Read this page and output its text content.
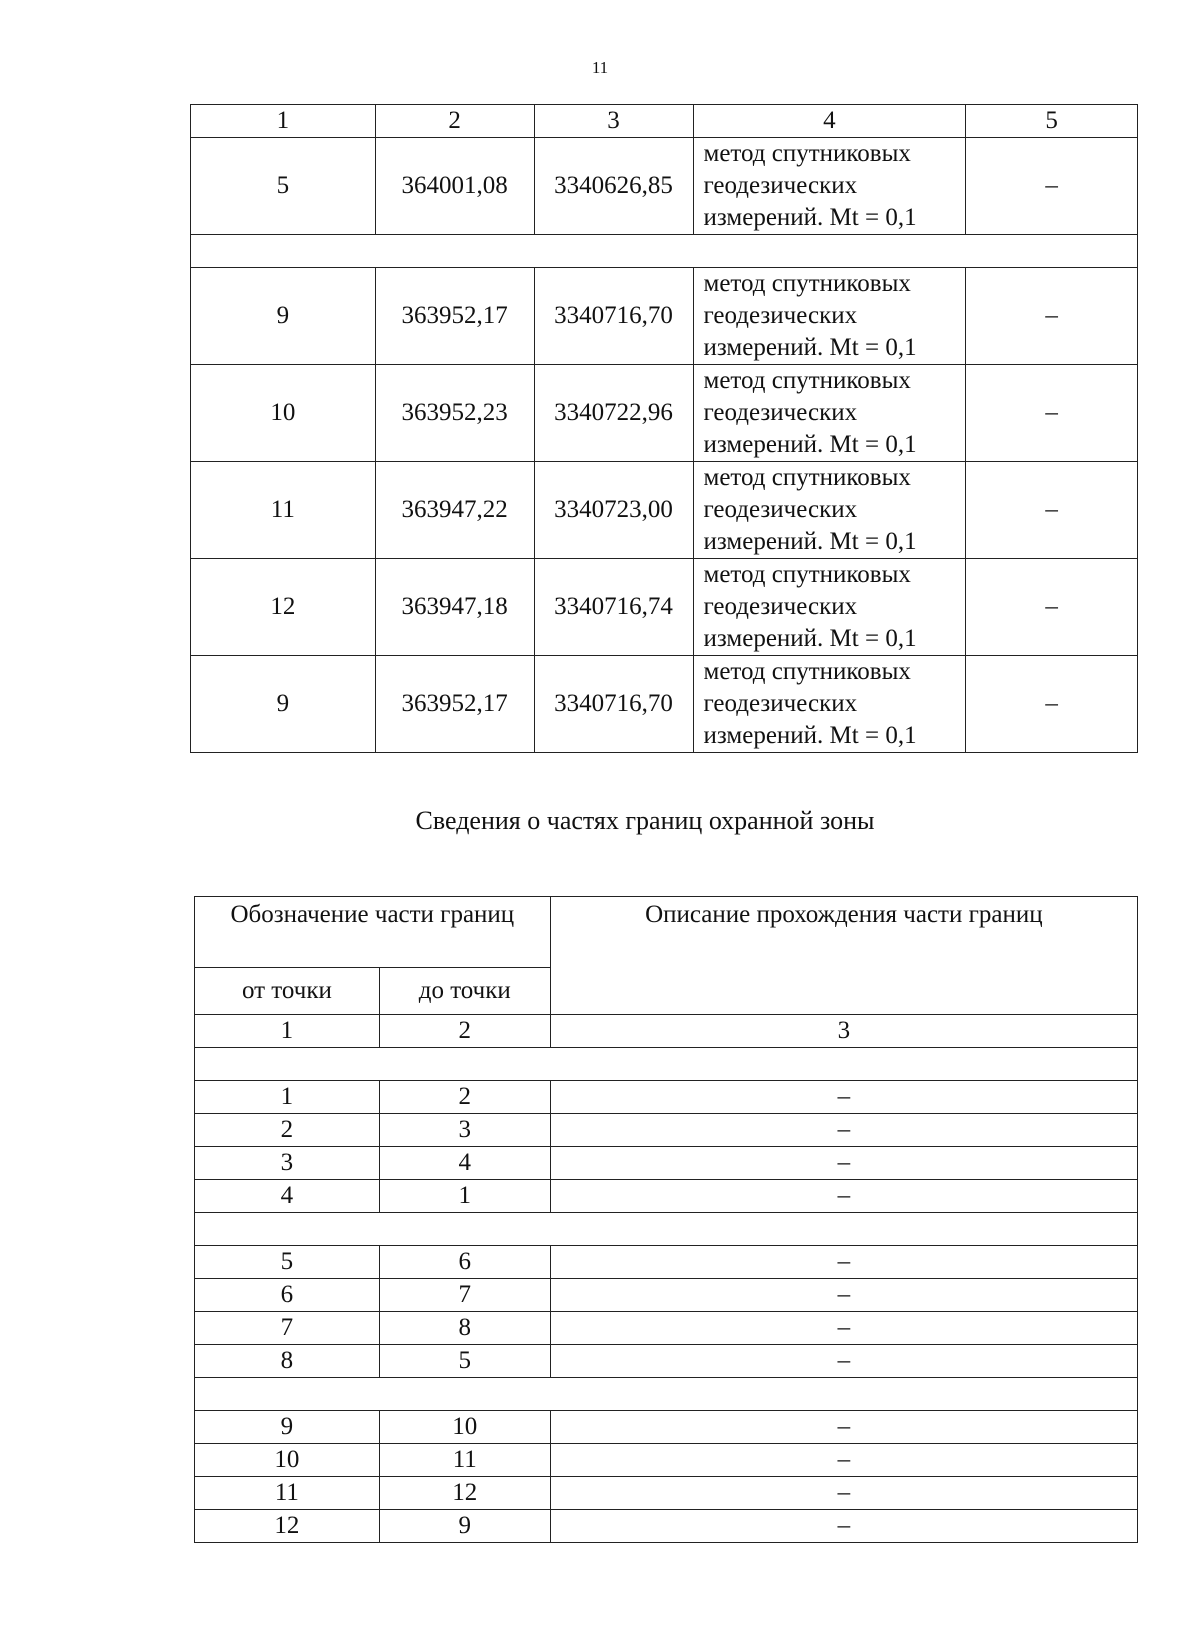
11
1	2	3	4	5
5	364001,08	3340626,85	метод спутниковых
геодезических
измерений. Mt = 0,1	–

9	363952,17	3340716,70	метод спутниковых
геодезических
измерений. Mt = 0,1	–
10	363952,23	3340722,96	метод спутниковых
геодезических
измерений. Mt = 0,1	–
11	363947,22	3340723,00	метод спутниковых
геодезических
измерений. Mt = 0,1	–
12	363947,18	3340716,74	метод спутниковых
геодезических
измерений. Mt = 0,1	–
9	363952,17	3340716,70	метод спутниковых
геодезических
измерений. Mt = 0,1	–
Сведения о частях границ охранной зоны
Обозначение части границ		Описание прохождения части границ
от точки	до точки	
1	2	3

1	2	–
2	3	–
3	4	–
4	1	–

5	6	–
6	7	–
7	8	–
8	5	–

9	10	–
10	11	–
11	12	–
12	9	–
